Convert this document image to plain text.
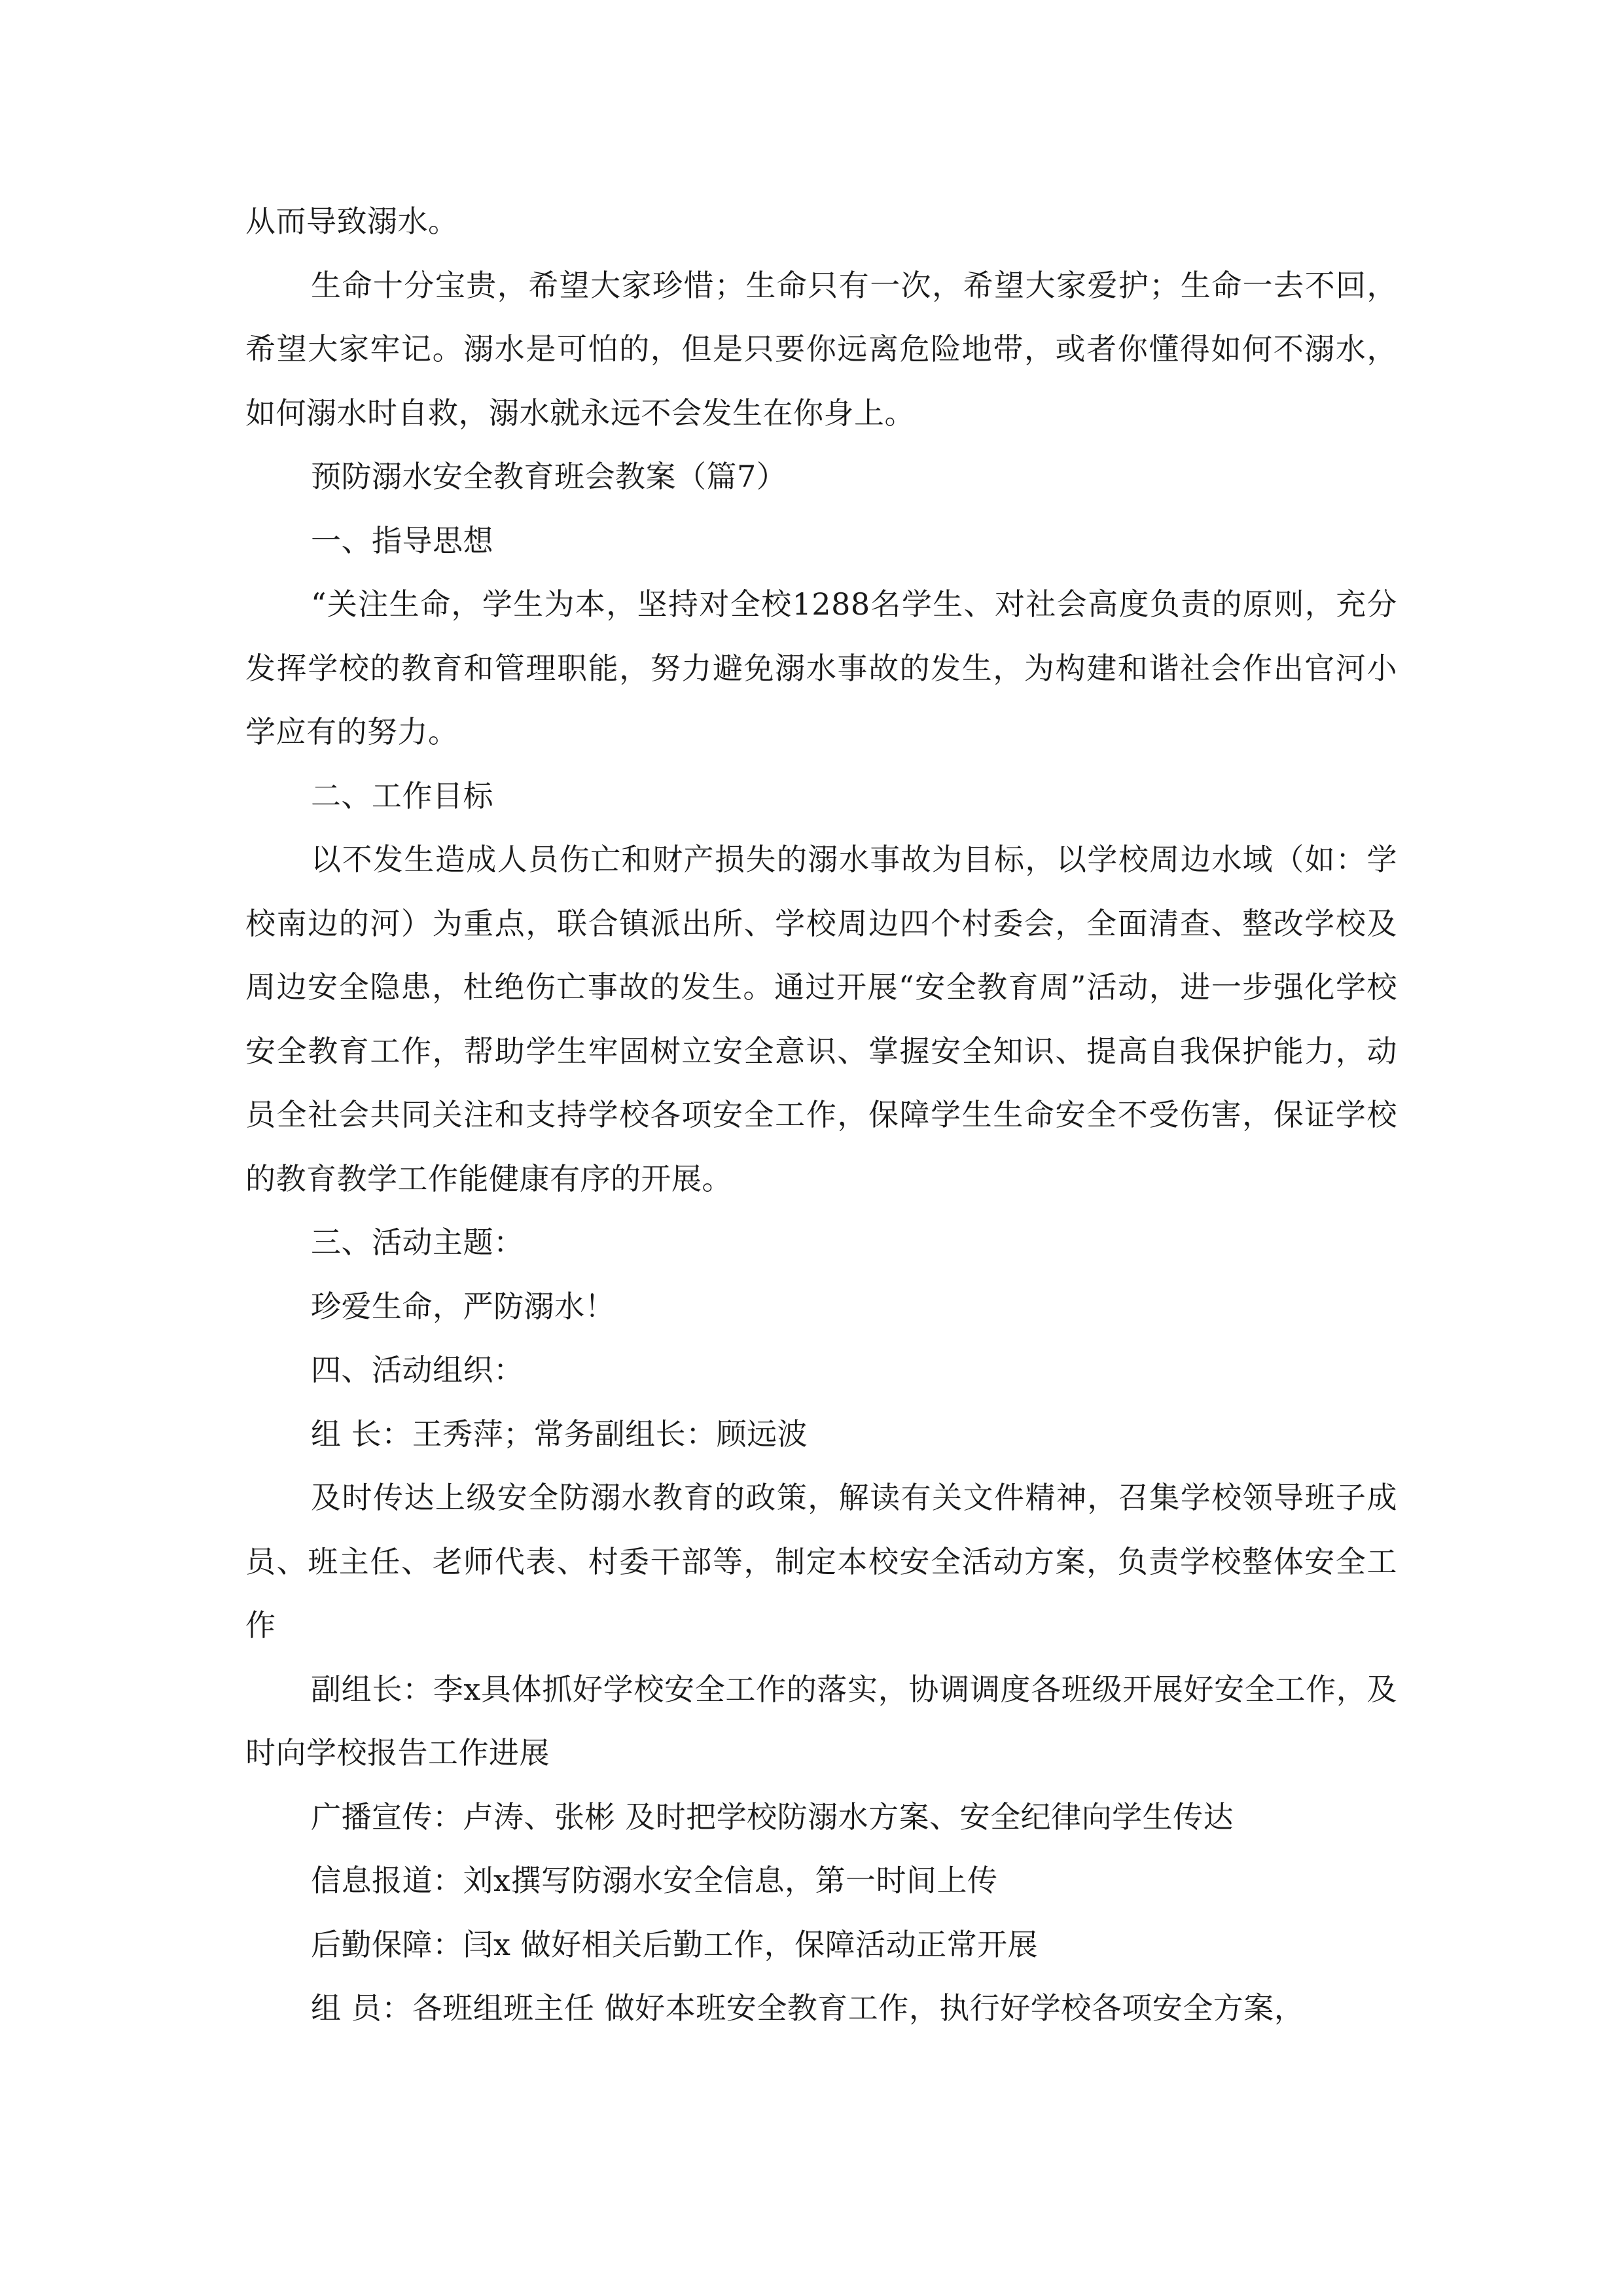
从而导致溺水。

生命十分宝贵，希望大家珍惜；生命只有一次，希望大家爱护；生命一去不回，希望大家牢记。溺水是可怕的，但是只要你远离危险地带，或者你懂得如何不溺水，如何溺水时自救，溺水就永远不会发生在你身上。

预防溺水安全教育班会教案（篇7）

一、指导思想

“关注生命，学生为本，坚持对全校1288名学生、对社会高度负责的原则，充分发挥学校的教育和管理职能，努力避免溺水事故的发生，为构建和谐社会作出官河小学应有的努力。

二、工作目标

以不发生造成人员伤亡和财产损失的溺水事故为目标，以学校周边水域（如：学校南边的河）为重点，联合镇派出所、学校周边四个村委会，全面清查、整改学校及周边安全隐患，杜绝伤亡事故的发生。通过开展“安全教育周”活动，进一步强化学校安全教育工作，帮助学生牢固树立安全意识、掌握安全知识、提高自我保护能力，动员全社会共同关注和支持学校各项安全工作，保障学生生命安全不受伤害，保证学校的教育教学工作能健康有序的开展。

三、活动主题：

珍爱生命，严防溺水！

四、活动组织：

组 长：王秀萍；常务副组长：顾远波

及时传达上级安全防溺水教育的政策，解读有关文件精神，召集学校领导班子成员、班主任、老师代表、村委干部等，制定本校安全活动方案，负责学校整体安全工作

副组长：李x具体抓好学校安全工作的落实，协调调度各班级开展好安全工作，及时向学校报告工作进展

广播宣传：卢涛、张彬 及时把学校防溺水方案、安全纪律向学生传达

信息报道：刘x撰写防溺水安全信息，第一时间上传

后勤保障：闫x 做好相关后勤工作，保障活动正常开展

组 员：各班组班主任 做好本班安全教育工作，执行好学校各项安全方案，
